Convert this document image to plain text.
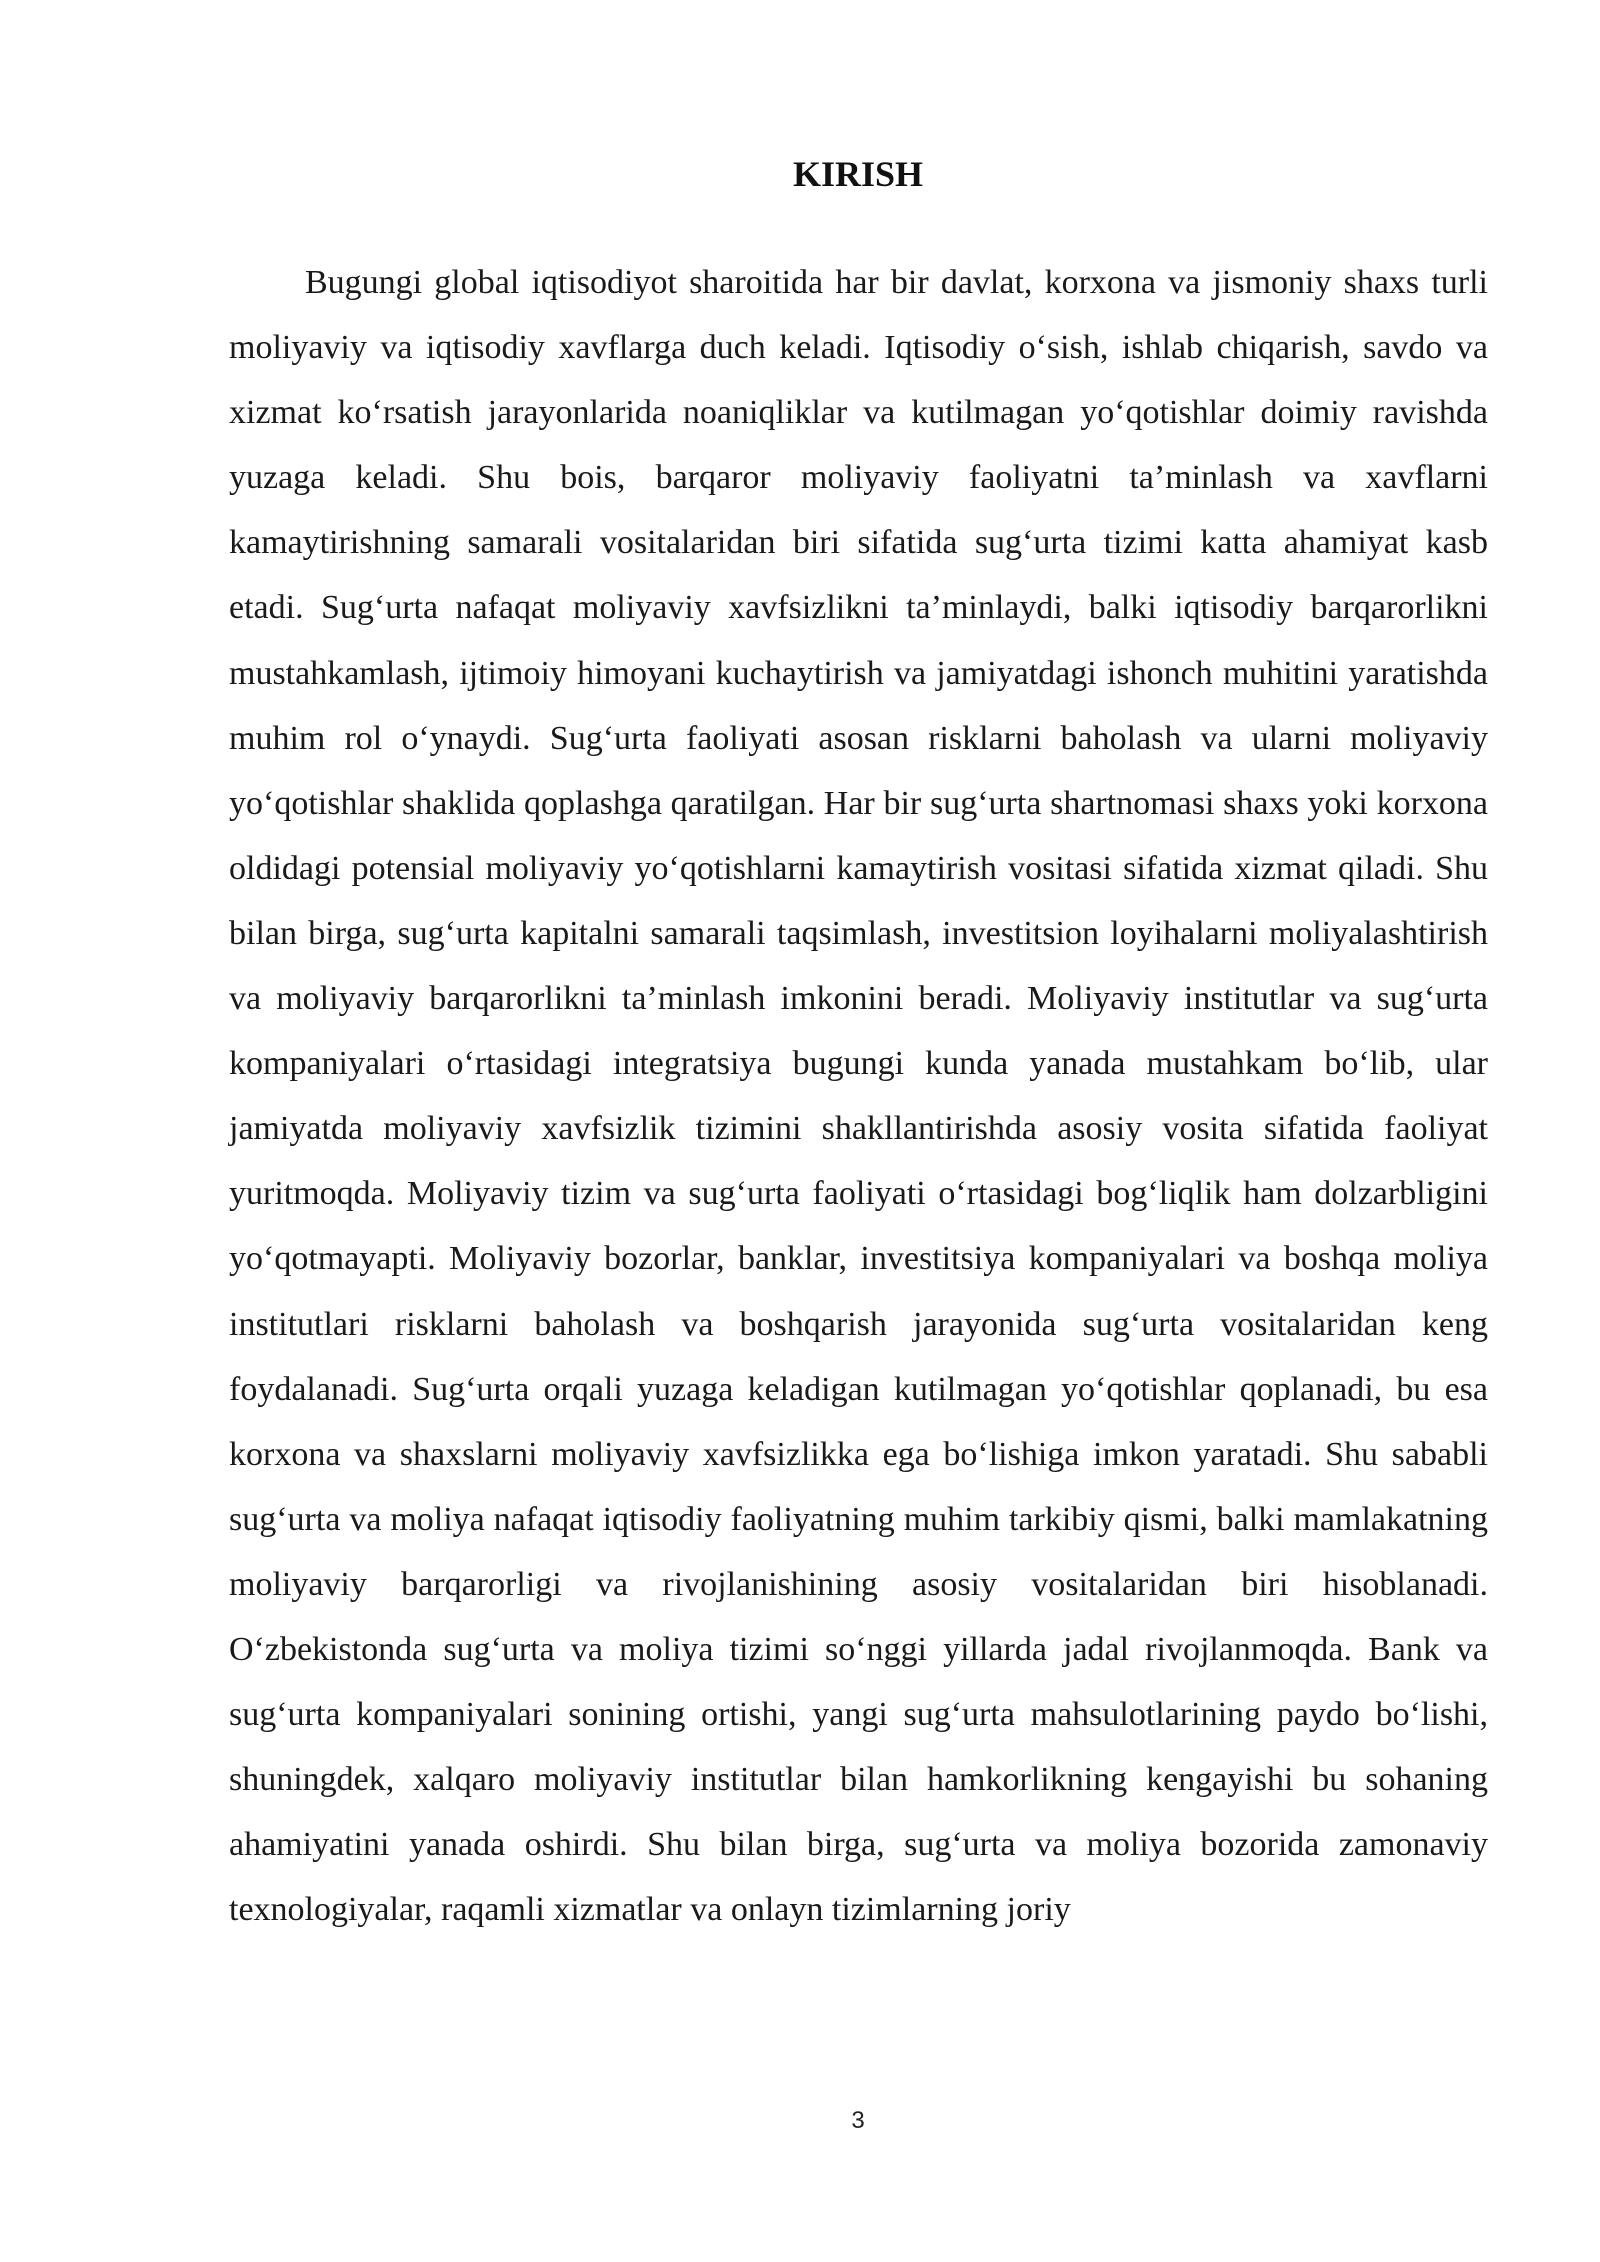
KIRISH

Bugungi global iqtisodiyot sharoitida har bir davlat, korxona va jismoniy shaxs turli moliyaviy va iqtisodiy xavflarga duch keladi. Iqtisodiy o‘sish, ishlab chiqarish, savdo va xizmat ko‘rsatish jarayonlarida noaniqliklar va kutilmagan yo‘qotishlar doimiy ravishda yuzaga keladi. Shu bois, barqaror moliyaviy faoliyatni ta’minlash va xavflarni kamaytirishning samarali vositalaridan biri sifatida sug‘urta tizimi katta ahamiyat kasb etadi. Sug‘urta nafaqat moliyaviy xavfsizlikni ta’minlaydi, balki iqtisodiy barqarorlikni mustahkamlash, ijtimoiy himoyani kuchaytirish va jamiyatdagi ishonch muhitini yaratishda muhim rol o‘ynaydi. Sug‘urta faoliyati asosan risklarni baholash va ularni moliyaviy yo‘qotishlar shaklida qoplashga qaratilgan. Har bir sug‘urta shartnomasi shaxs yoki korxona oldidagi potensial moliyaviy yo‘qotishlarni kamaytirish vositasi sifatida xizmat qiladi. Shu bilan birga, sug‘urta kapitalni samarali taqsimlash, investitsion loyihalarni moliyalashtirish va moliyaviy barqarorlikni ta’minlash imkonini beradi. Moliyaviy institutlar va sug‘urta kompaniyalari o‘rtasidagi integratsiya bugungi kunda yanada mustahkam bo‘lib, ular jamiyatda moliyaviy xavfsizlik tizimini shakllantirishda asosiy vosita sifatida faoliyat yuritmoqda. Moliyaviy tizim va sug‘urta faoliyati o‘rtasidagi bog‘liqlik ham dolzarbligini yo‘qotmayapti. Moliyaviy bozorlar, banklar, investitsiya kompaniyalari va boshqa moliya institutlari risklarni baholash va boshqarish jarayonida sug‘urta vositalaridan keng foydalanadi. Sug‘urta orqali yuzaga keladigan kutilmagan yo‘qotishlar qoplanadi, bu esa korxona va shaxslarni moliyaviy xavfsizlikka ega bo‘lishiga imkon yaratadi. Shu sababli sug‘urta va moliya nafaqat iqtisodiy faoliyatning muhim tarkibiy qismi, balki mamlakatning moliyaviy barqarorligi va rivojlanishining asosiy vositalaridan biri hisoblanadi. O‘zbekistonda sug‘urta va moliya tizimi so‘nggi yillarda jadal rivojlanmoqda. Bank va sug‘urta kompaniyalari sonining ortishi, yangi sug‘urta mahsulotlarining paydo bo‘lishi, shuningdek, xalqaro moliyaviy institutlar bilan hamkorlikning kengayishi bu sohaning ahamiyatini yanada oshirdi. Shu bilan birga, sug‘urta va moliya bozorida zamonaviy texnologiyalar, raqamli xizmatlar va onlayn tizimlarning joriy

3
